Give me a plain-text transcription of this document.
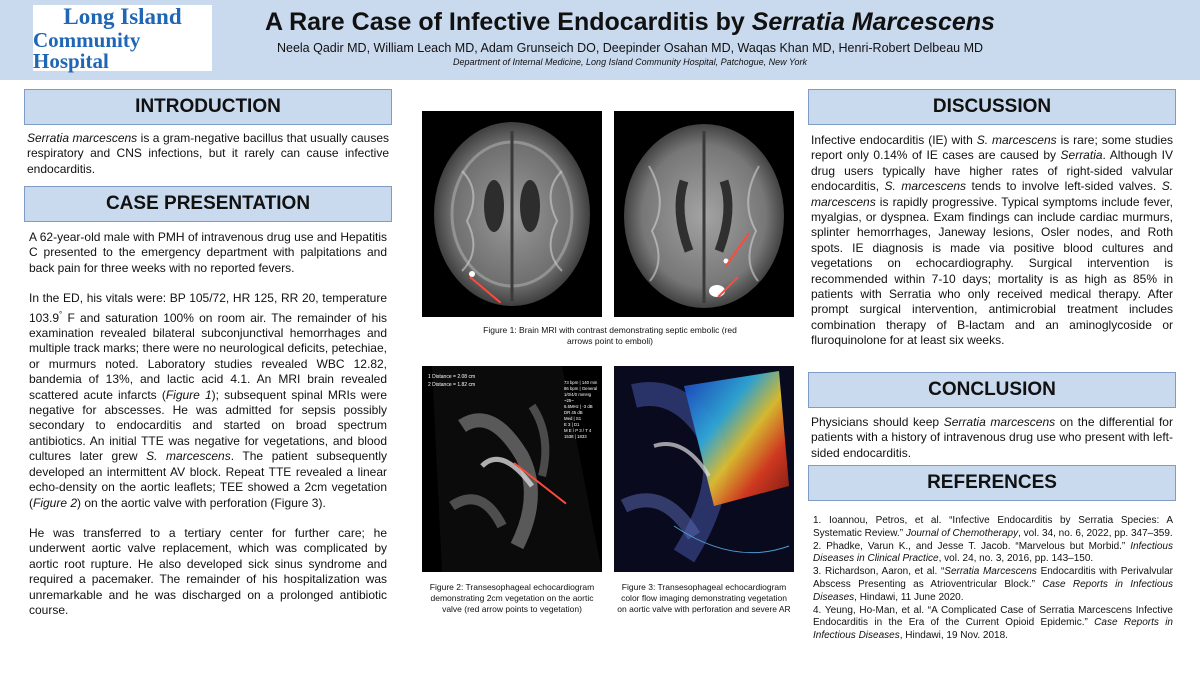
Long Island
Community Hospital
A Rare Case of Infective Endocarditis by Serratia Marcescens
Neela Qadir MD, William Leach MD, Adam Grunseich DO, Deepinder Osahan MD, Waqas Khan MD, Henri-Robert Delbeau MD
Department of Internal Medicine, Long Island Community Hospital, Patchogue, New York
INTRODUCTION

Serratia marcescens is a gram-negative bacillus that usually causes respiratory and CNS infections, but it rarely can cause infective endocarditis.

CASE PRESENTATION

A 62-year-old male with PMH of intravenous drug use and Hepatitis C presented to the emergency department with palpitations and back pain for three weeks with no reported fevers.

In the ED, his vitals were: BP 105/72, HR 125, RR 20, temperature 103.9° F and saturation 100% on room air. The remainder of his examination revealed bilateral subconjunctival hemorrhages and multiple track marks; there were no neurological deficits, petechiae, or murmurs noted. Laboratory studies revealed WBC 12.82, bandemia of 13%, and lactic acid 4.1. An MRI brain revealed scattered acute infarcts (Figure 1); subsequent spinal MRIs were negative for abscesses. He was admitted for sepsis possibly secondary to endocarditis and started on broad spectrum antibiotics. An initial TTE was negative for vegetations, and blood cultures later grew S. marcescens. The patient subsequently developed an intermittent AV block. Repeat TTE revealed a linear echo-density on the aortic leaflets; TEE showed a 2cm vegetation (Figure 2) on the aortic valve with perforation (Figure 3).

He was transferred to a tertiary center for further care; he underwent aortic valve replacement, which was complicated by aortic root rupture. He also developed sick sinus syndrome and required a pacemaker. The remainder of his hospitalization was unremarkable and he was discharged on a prolonged antibiotic course.

Figure 1: Brain MRI with contrast demonstrating septic embolic (red arrows point to emboli)
1 Distance = 2.08 cm
2 Distance = 1.82 cm	73 bpm | 140 mm
86 bpm | General
1/0/4/0 mmHg
~25~
6.5MHz | -3 dB
DR 45 dB
Med | S1
E 3 | D1
M E / P 3 / T 4
1538 | 1833
Figure 2: Transesophageal echocardiogram demonstrating 2cm vegetation on the aortic valve (red arrow points to vegetation)
Figure 3: Transesophageal echocardiogram color flow imaging demonstrating vegetation on aortic valve with perforation and severe AR
DISCUSSION

Infective endocarditis (IE) with S. marcescens is rare; some studies report only 0.14% of IE cases are caused by Serratia. Although IV drug users typically have higher rates of right-sided valvular endocarditis, S. marcescens tends to involve left-sided valves. S. marcescens is rapidly progressive. Typical symptoms include fever, myalgias, or dyspnea. Exam findings can include cardiac murmurs, splinter hemorrhages, Janeway lesions, Osler nodes, and Roth spots. IE diagnosis is made via positive blood cultures and vegetations on echocardiography. Surgical intervention is recommended within 7-10 days; mortality is as high as 85% in patients with Serratia who only received medical therapy. After prompt surgical intervention, antimicrobial treatment includes combination therapy of B-lactam and an aminoglycoside or fluroquinolone for at least six weeks.

CONCLUSION

Physicians should keep Serratia marcescens on the differential for patients with a history of intravenous drug use who present with left-sided endocarditis.

REFERENCES

1. Ioannou, Petros, et al. “Infective Endocarditis by Serratia Species: A Systematic Review.” Journal of Chemotherapy, vol. 34, no. 6, 2022, pp. 347–359.

2. Phadke, Varun K., and Jesse T. Jacob. “Marvelous but Morbid.” Infectious Diseases in Clinical Practice, vol. 24, no. 3, 2016, pp. 143–150.

3. Richardson, Aaron, et al. “Serratia Marcescens Endocarditis with Perivalvular Abscess Presenting as Atrioventricular Block.” Case Reports in Infectious Diseases, Hindawi, 11 June 2020.

4. Yeung, Ho-Man, et al. “A Complicated Case of Serratia Marcescens Infective Endocarditis in the Era of the Current Opioid Epidemic.” Case Reports in Infectious Diseases, Hindawi, 19 Nov. 2018.
